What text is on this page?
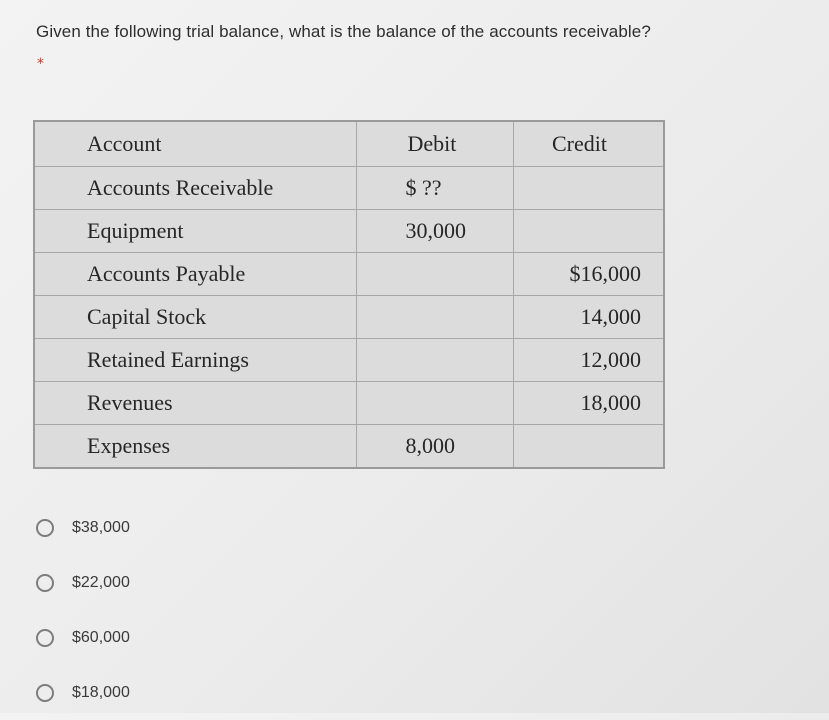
Given the following trial balance, what is the balance of the accounts receivable?
*
Account	Debit	Credit
Accounts Receivable	$ ??	
Equipment	30,000	
Accounts Payable		$16,000
Capital Stock		14,000
Retained Earnings		12,000
Revenues		18,000
Expenses	8,000	
$38,000
$22,000
$60,000
$18,000
